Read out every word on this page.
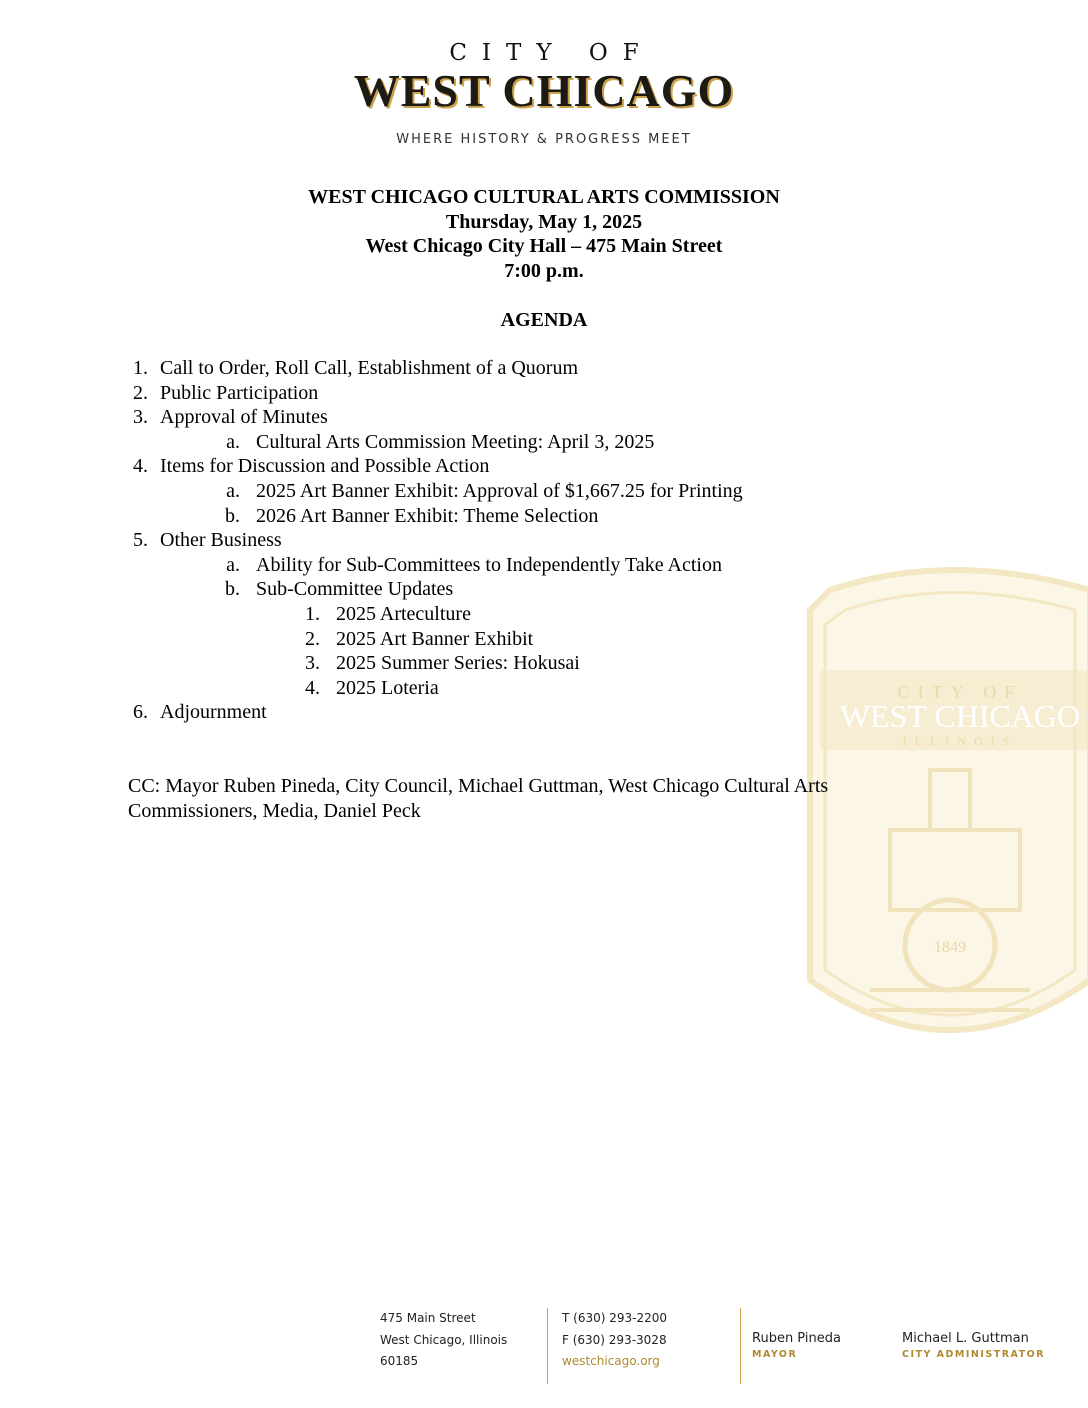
CITY OF
WEST CHICAGO
WHERE HISTORY & PROGRESS MEET
CITY OF
WEST CHICAGO
ILLINOIS
1849
WEST CHICAGO CULTURAL ARTS COMMISSION
Thursday, May 1, 2025
West Chicago City Hall – 475 Main Street
7:00 p.m.
AGENDA
1. Call to Order, Roll Call, Establishment of a Quorum
2. Public Participation
3. Approval of Minutes
a. Cultural Arts Commission Meeting: April 3, 2025
4. Items for Discussion and Possible Action
a. 2025 Art Banner Exhibit: Approval of $1,667.25 for Printing
b. 2026 Art Banner Exhibit: Theme Selection
5. Other Business
a. Ability for Sub-Committees to Independently Take Action
b. Sub-Committee Updates
1. 2025 Arteculture
2. 2025 Art Banner Exhibit
3. 2025 Summer Series: Hokusai
4. 2025 Loteria
6. Adjournment
CC: Mayor Ruben Pineda, City Council, Michael Guttman, West Chicago Cultural Arts
Commissioners, Media, Daniel Peck
475 Main Street
West Chicago, Illinois
60185
T (630) 293-2200
F (630) 293-3028
westchicago.org
Ruben Pineda
MAYOR
Michael L. Guttman
CITY ADMINISTRATOR
